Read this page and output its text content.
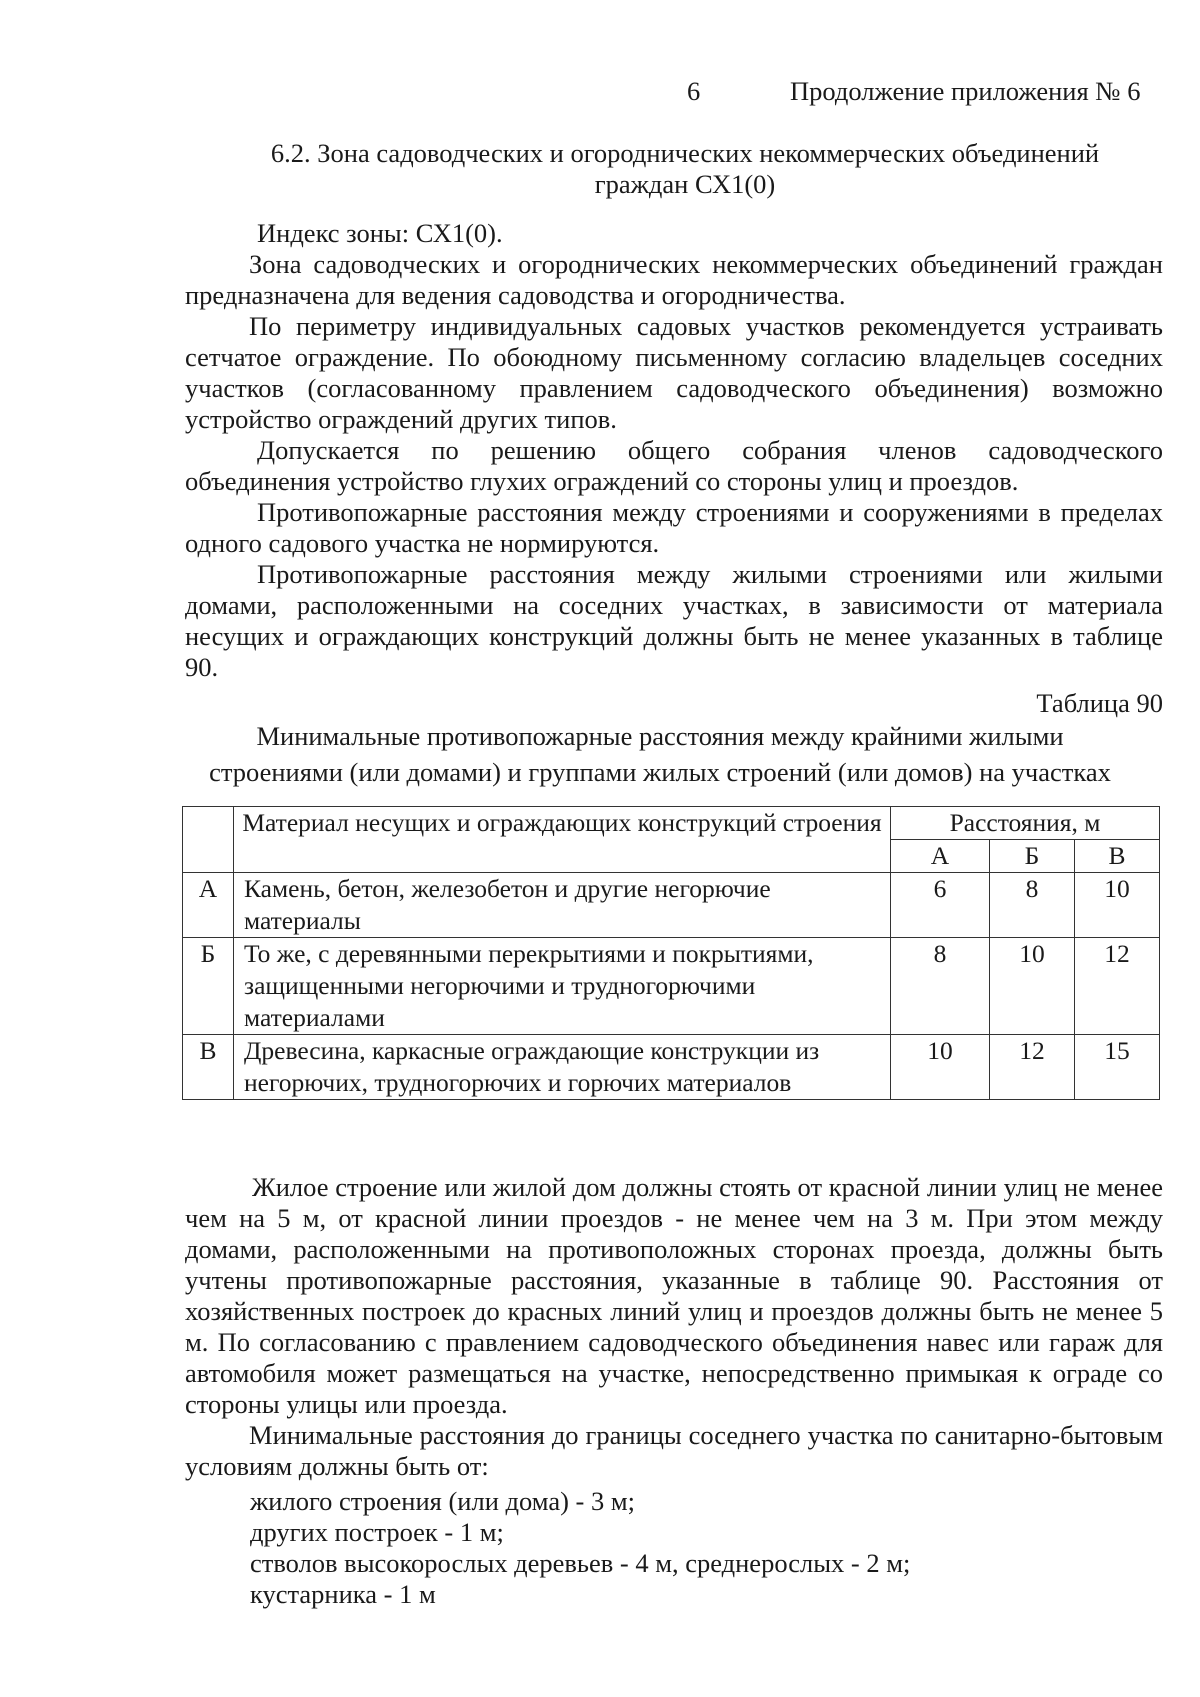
6	Продолжение приложения № 6
6.2. Зона садоводческих и огороднических некоммерческих объединений
граждан СХ1(0)

Индекс зоны: СХ1(0).

Зона садоводческих и огороднических некоммерческих объединений граждан предназначена для ведения садоводства и огородничества.

По периметру индивидуальных садовых участков рекомендуется устраивать сетчатое ограждение. По обоюдному письменному согласию владельцев соседних участков (согласованному правлением садоводческого объединения) возможно устройство ограждений других типов.

Допускается по решению общего собрания членов садоводческого объединения устройство глухих ограждений со стороны улиц и проездов.

Противопожарные расстояния между строениями и сооружениями в пределах одного садового участка не нормируются.

Противопожарные расстояния между жилыми строениями или жилыми домами, расположенными на соседних участках, в зависимости от материала несущих и ограждающих конструкций должны быть не менее указанных в таблице 90.

Таблица 90
Минимальные противопожарные расстояния между крайними жилыми
строениями (или домами) и группами жилых строений (или домов) на участках
	Материал несущих и ограждающих конструкций строения	Расстояния, м		
		А	Б	В
А	Камень, бетон, железобетон и другие негорючие материалы	6	8	10
Б	То же, с деревянными перекрытиями и покрытиями, защищенными негорючими и трудногорючими материалами	8	10	12
В	Древесина, каркасные ограждающие конструкции из негорючих, трудногорючих и горючих материалов	10	12	15

Жилое строение или жилой дом должны стоять от красной линии улиц не менее чем на 5 м, от красной линии проездов - не менее чем на 3 м. При этом между домами, расположенными на противоположных сторонах проезда, должны быть учтены противопожарные расстояния, указанные в таблице 90. Расстояния от хозяйственных построек до красных линий улиц и проездов должны быть не менее 5 м. По согласованию с правлением садоводческого объединения навес или гараж для автомобиля может размещаться на участке, непосредственно примыкая к ограде со стороны улицы или проезда.

Минимальные расстояния до границы соседнего участка по санитарно-бытовым условиям должны быть от:

жилого строения (или дома) - 3 м;
других построек - 1 м;
стволов высокорослых деревьев - 4 м, среднерослых - 2 м;
кустарника - 1 м
